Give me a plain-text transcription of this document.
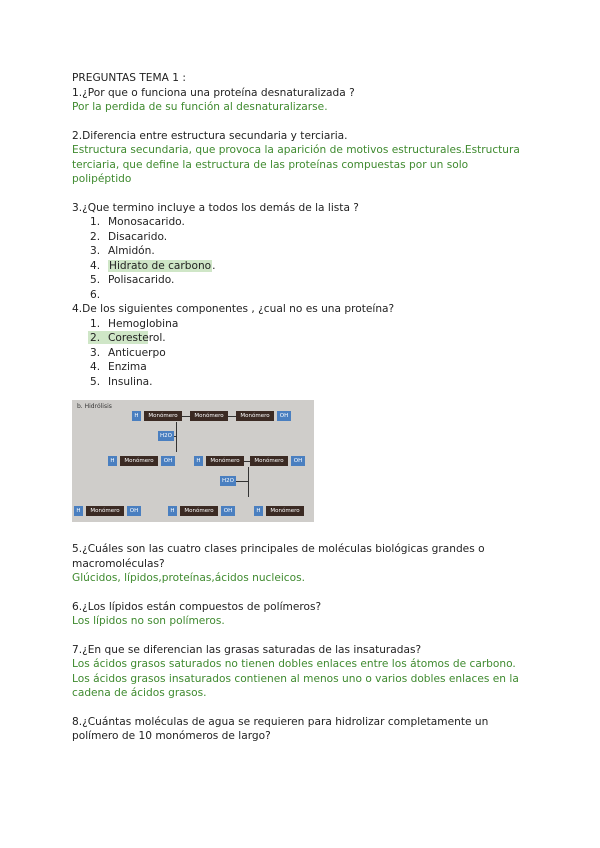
PREGUNTAS TEMA 1 :
1.¿Por que o funciona una proteína desnaturalizada ?
Por la perdida de su función al desnaturalizarse.
2.Diferencia entre estructura secundaria y terciaria.
Estructura secundaria, que provoca la aparición de motivos estructurales.Estructura terciaria, que define la estructura de las proteínas compuestas por un solo polipéptido
3.¿Que termino incluye a todos los demás de la lista ?
1. Monosacarido.
2. Disacarido.
3. Almidón.
4. Hidrato de carbono.
5. Polisacarido.
6.
4.De los siguientes componentes , ¿cual no es una proteína?
1. Hemoglobina
2. Coresterol.
3. Anticuerpo
4. Enzima
5. Insulina.
b. Hidrólisis
H	Monómero	Monómero	Monómero	OH
H2O
H	Monómero	OH	H	Monómero	Monómero	OH
H2O
H	Monómero	OH	H	Monómero	OH	H	Monómero
5.¿Cuáles son las cuatro clases principales de moléculas biológicas grandes o macromoléculas?
Glúcidos, lípidos,proteínas,ácidos nucleicos.
6.¿Los lípidos están compuestos de polímeros?
Los lípidos no son polímeros.
7.¿En que se diferencian las grasas saturadas de las insaturadas?
Los ácidos grasos saturados no tienen dobles enlaces entre los átomos de carbono. Los ácidos grasos insaturados contienen al menos uno o varios dobles enlaces en la cadena de ácidos grasos.
8.¿Cuántas moléculas de agua se requieren para hidrolizar completamente un polímero de 10 monómeros de largo?
